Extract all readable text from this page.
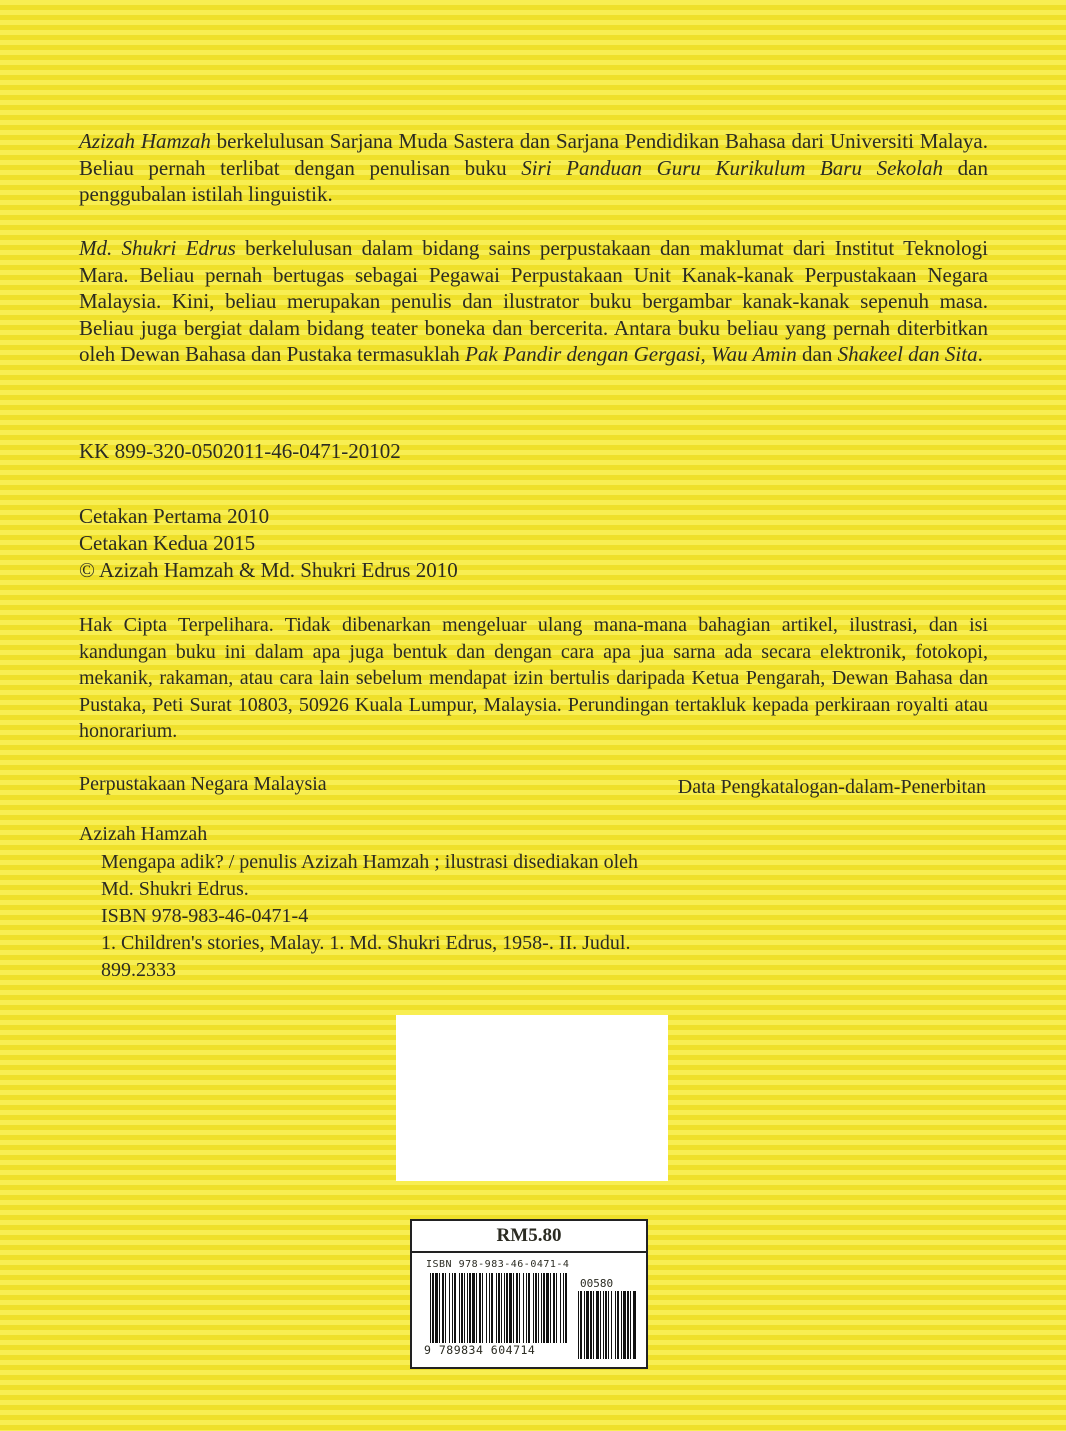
Azizah Hamzah berkelulusan Sarjana Muda Sastera dan Sarjana Pendidikan Bahasa dari Universiti Malaya. Beliau pernah terlibat dengan penulisan buku Siri Panduan Guru Kurikulum Baru Sekolah dan penggubalan istilah linguistik.

Md. Shukri Edrus berkelulusan dalam bidang sains perpustakaan dan maklumat dari Institut Teknologi Mara. Beliau pernah bertugas sebagai Pegawai Perpustakaan Unit Kanak-kanak Perpustakaan Negara Malaysia. Kini, beliau merupakan penulis dan ilustrator buku bergambar kanak-kanak sepenuh masa. Beliau juga bergiat dalam bidang teater boneka dan bercerita. Antara buku beliau yang pernah diterbitkan oleh Dewan Bahasa dan Pustaka termasuklah Pak Pandir dengan Gergasi, Wau Amin dan Shakeel dan Sita.

KK 899-320-0502011-46-0471-20102

Cetakan Pertama 2010

Cetakan Kedua 2015

© Azizah Hamzah & Md. Shukri Edrus 2010

Hak Cipta Terpelihara. Tidak dibenarkan mengeluar ulang mana-mana bahagian artikel, ilustrasi, dan isi kandungan buku ini dalam apa juga bentuk dan dengan cara apa jua sarna ada secara elektronik, fotokopi, mekanik, rakaman, atau cara lain sebelum mendapat izin bertulis daripada Ketua Pengarah, Dewan Bahasa dan Pustaka, Peti Surat 10803, 50926 Kuala Lumpur, Malaysia. Perundingan tertakluk kepada perkiraan royalti atau honorarium.

Perpustakaan Negara Malaysia	Data Pengkatalogan-dalam-Penerbitan

Azizah Hamzah

Mengapa adik? / penulis Azizah Hamzah ; ilustrasi disediakan oleh

Md. Shukri Edrus.

ISBN 978-983-46-0471-4

1. Children's stories, Malay. 1. Md. Shukri Edrus, 1958-. II. Judul.

899.2333

RM5.80
ISBN 978-983-46-0471-4
00580
9 789834 604714
